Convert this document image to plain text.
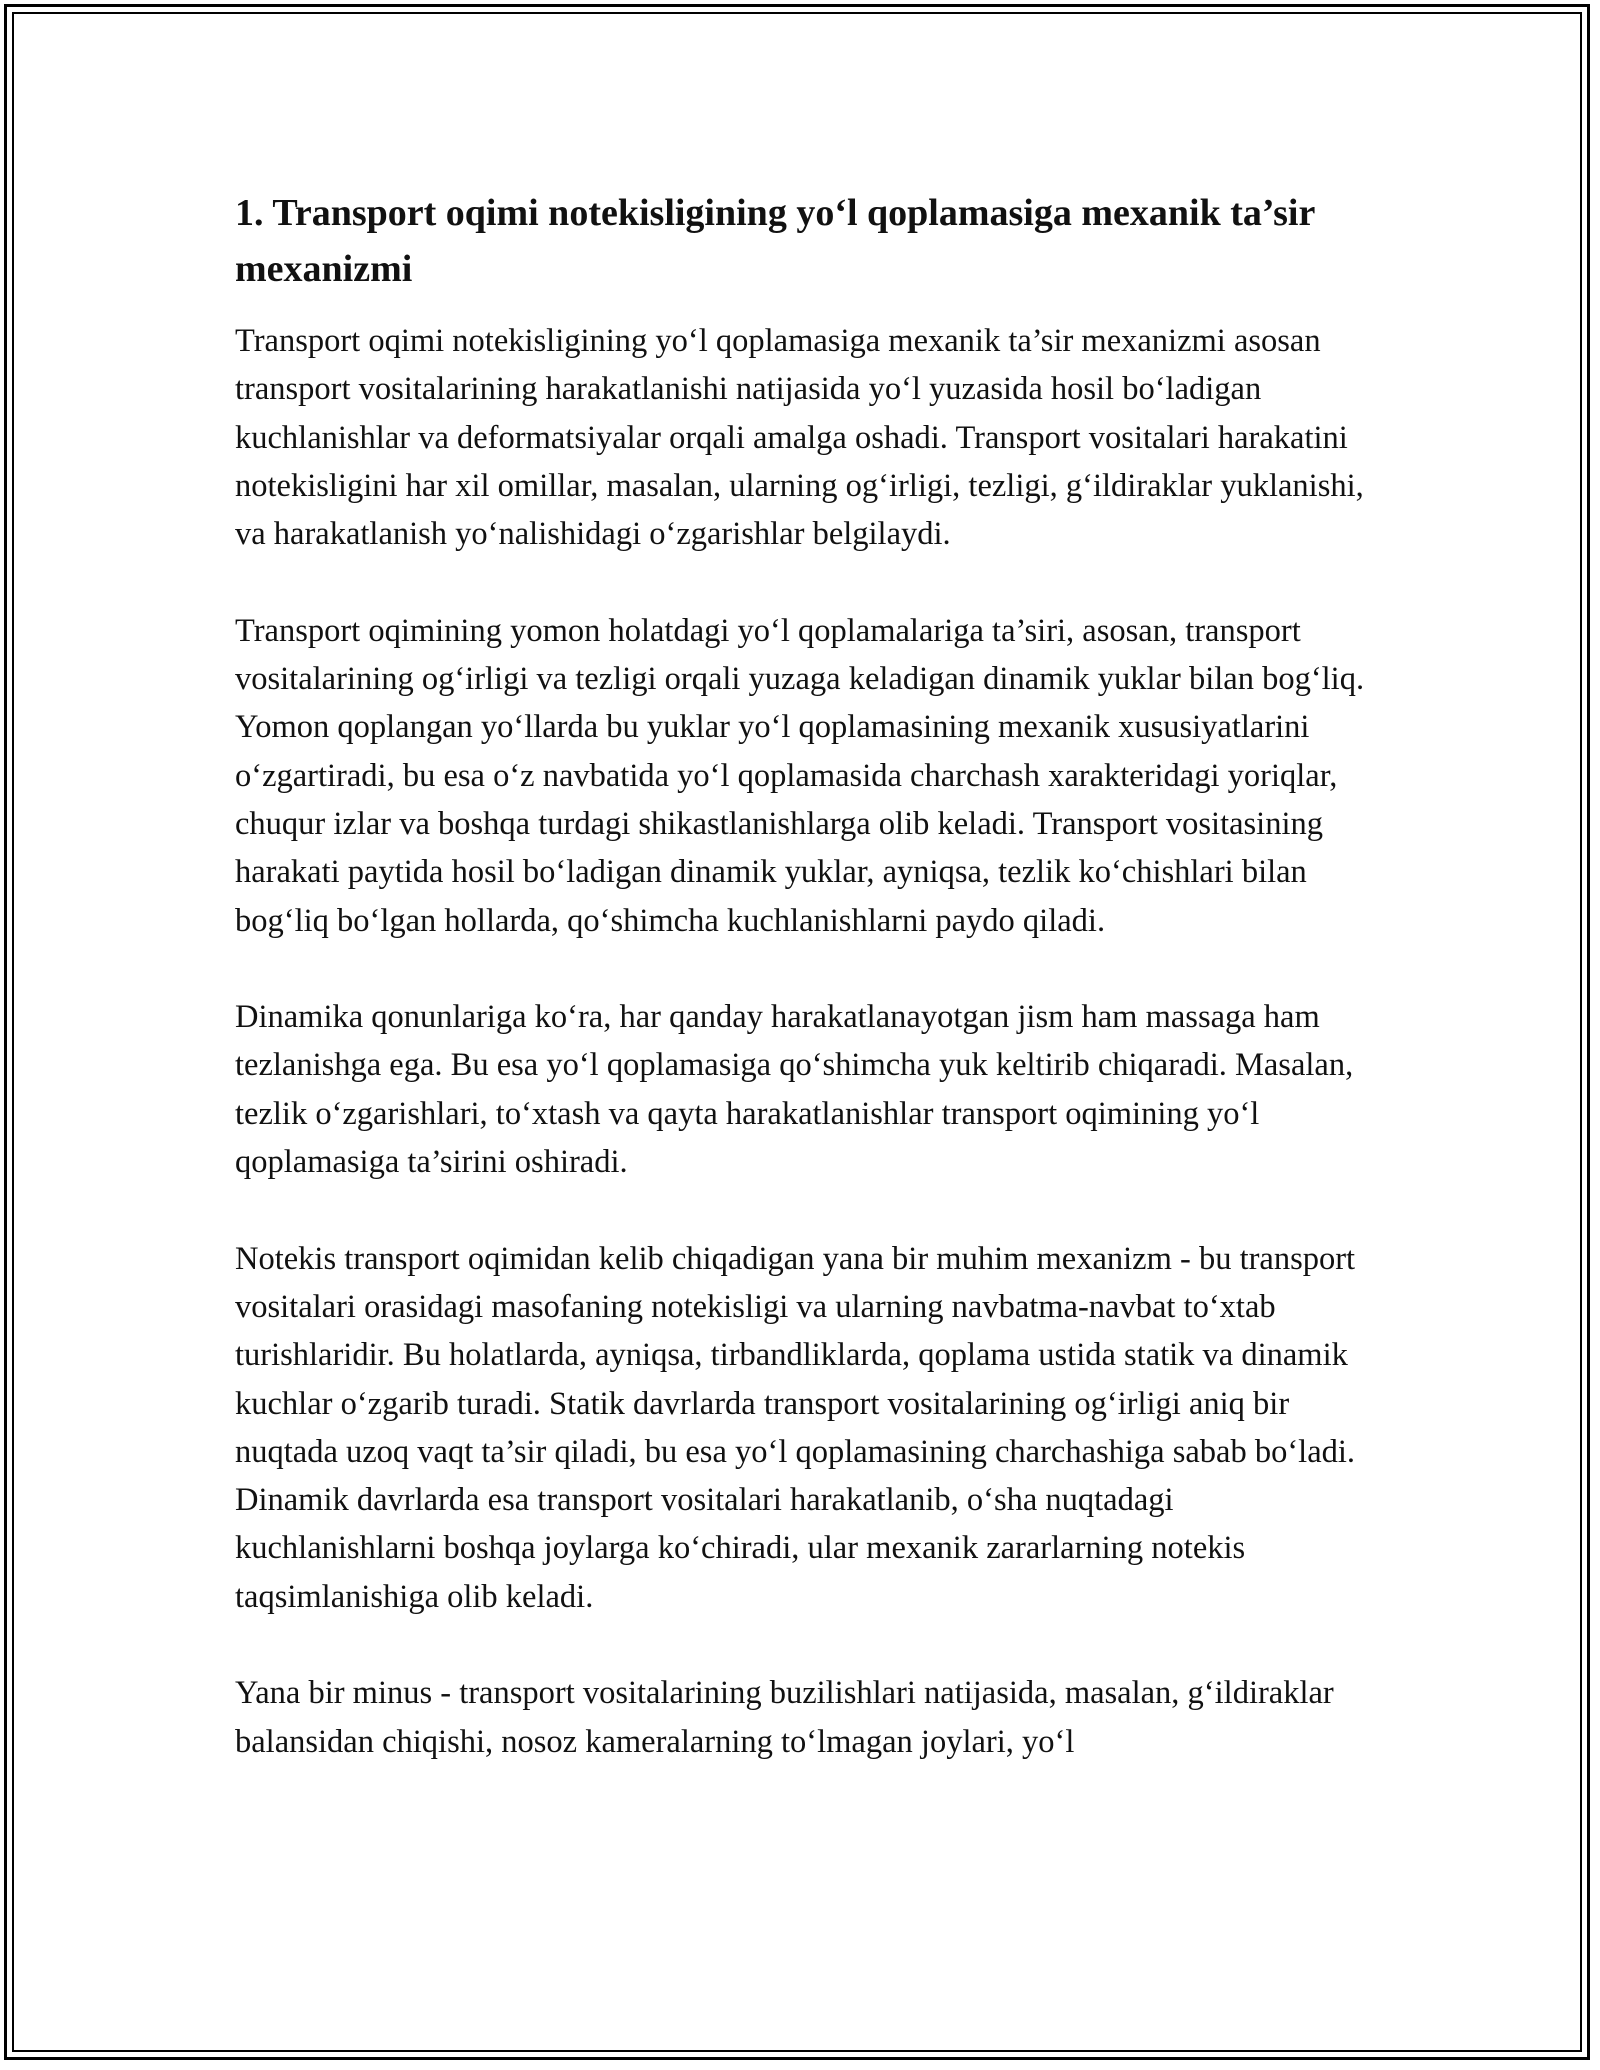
1. Transport oqimi notekisligining yo‘l qoplamasiga mexanik ta’sir mexanizmi

Transport oqimi notekisligining yo‘l qoplamasiga mexanik ta’sir mexanizmi asosan transport vositalarining harakatlanishi natijasida yo‘l yuzasida hosil bo‘ladigan kuchlanishlar va deformatsiyalar orqali amalga oshadi. Transport vositalari harakatini notekisligini har xil omillar, masalan, ularning og‘irligi, tezligi, g‘ildiraklar yuklanishi, va harakatlanish yo‘nalishidagi o‘zgarishlar belgilaydi.

Transport oqimining yomon holatdagi yo‘l qoplamalariga ta’siri, asosan, transport vositalarining og‘irligi va tezligi orqali yuzaga keladigan dinamik yuklar bilan bog‘liq. Yomon qoplangan yo‘llarda bu yuklar yo‘l qoplamasining mexanik xususiyatlarini o‘zgartiradi, bu esa o‘z navbatida yo‘l qoplamasida charchash xarakteridagi yoriqlar, chuqur izlar va boshqa turdagi shikastlanishlarga olib keladi. Transport vositasining harakati paytida hosil bo‘ladigan dinamik yuklar, ayniqsa, tezlik ko‘chishlari bilan bog‘liq bo‘lgan hollarda, qo‘shimcha kuchlanishlarni paydo qiladi.

Dinamika qonunlariga ko‘ra, har qanday harakatlanayotgan jism ham massaga ham tezlanishga ega. Bu esa yo‘l qoplamasiga qo‘shimcha yuk keltirib chiqaradi. Masalan, tezlik o‘zgarishlari, to‘xtash va qayta harakatlanishlar transport oqimining yo‘l qoplamasiga ta’sirini oshiradi.

Notekis transport oqimidan kelib chiqadigan yana bir muhim mexanizm - bu transport vositalari orasidagi masofaning notekisligi va ularning navbatma-navbat to‘xtab turishlaridir. Bu holatlarda, ayniqsa, tirbandliklarda, qoplama ustida statik va dinamik kuchlar o‘zgarib turadi. Statik davrlarda transport vositalarining og‘irligi aniq bir nuqtada uzoq vaqt ta’sir qiladi, bu esa yo‘l qoplamasining charchashiga sabab bo‘ladi. Dinamik davrlarda esa transport vositalari harakatlanib, o‘sha nuqtadagi kuchlanishlarni boshqa joylarga ko‘chiradi, ular mexanik zararlarning notekis taqsimlanishiga olib keladi.

Yana bir minus - transport vositalarining buzilishlari natijasida, masalan, g‘ildiraklar balansidan chiqishi, nosoz kameralarning to‘lmagan joylari, yo‘l
